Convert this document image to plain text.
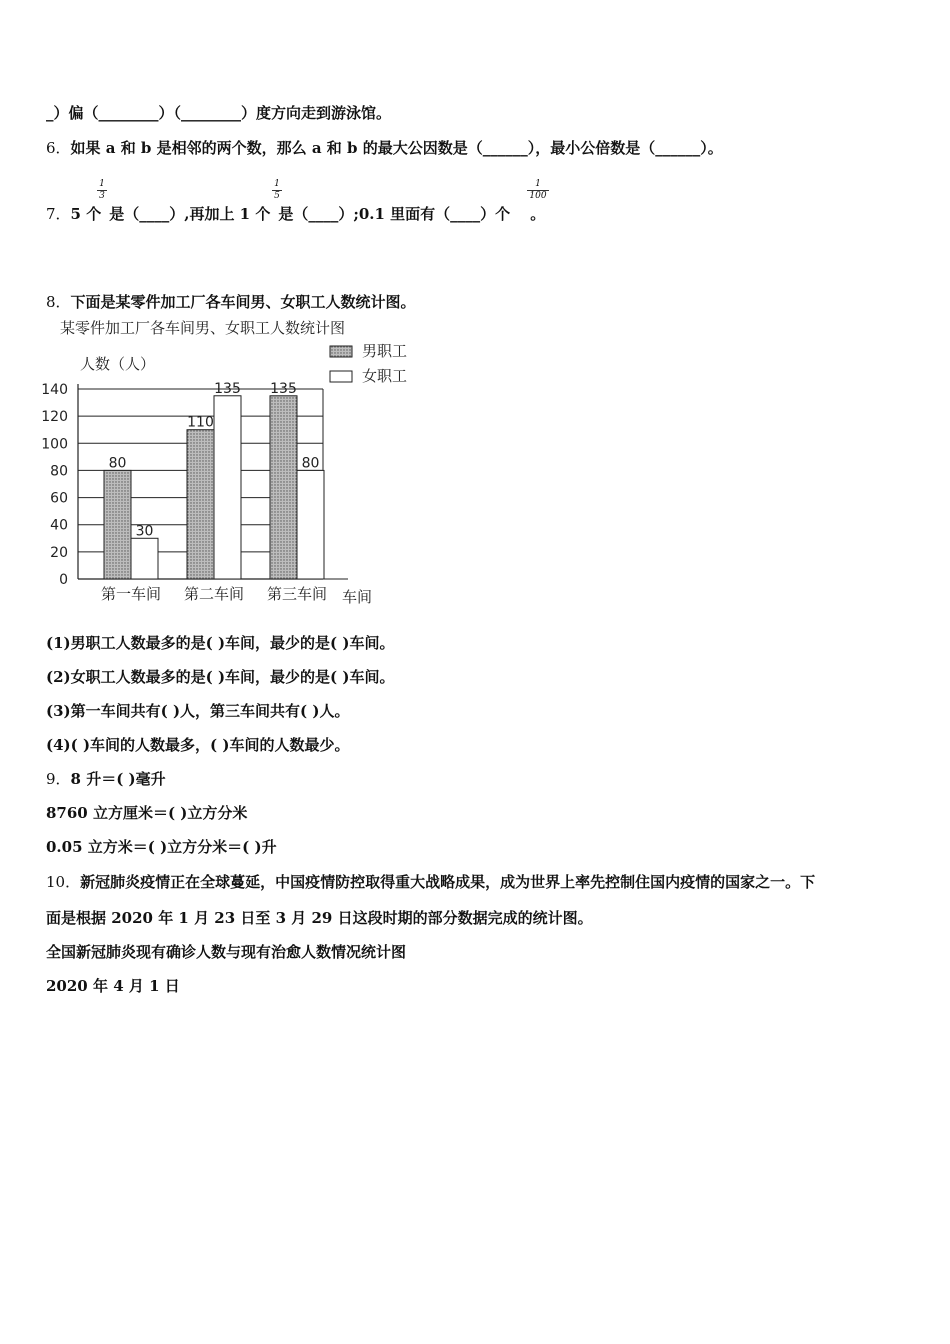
_）偏（________）（________）度方向走到游泳馆。
6．如果 a 和 b 是相邻的两个数，那么 a 和 b 的最大公因数是（______），最小公倍数是（______）。
7．5 个 是（____）,再加上 1 个 是（____）;0.1 里面有（____）个 。
1
3
1
5
1
100
8．下面是某零件加工厂各车间男、女职工人数统计图。
某零件加工厂各车间男、女职工人数统计图
人数（人）
车间
0
20
40
60
80
100
120
140
80
30
第一车间
110
135
第二车间
135
80
第三车间
男职工
女职工
(1)男职工人数最多的是( )车间，最少的是( )车间。
(2)女职工人数最多的是( )车间，最少的是( )车间。
(3)第一车间共有( )人，第三车间共有( )人。
(4)( )车间的人数最多，( )车间的人数最少。
9．8 升＝( )毫升
8760 立方厘米＝( )立方分米
0.05 立方米＝( )立方分米＝( )升
10．新冠肺炎疫情正在全球蔓延，中国疫情防控取得重大战略成果，成为世界上率先控制住国内疫情的国家之一。下
面是根据 2020 年 1 月 23 日至 3 月 29 日这段时期的部分数据完成的统计图。
全国新冠肺炎现有确诊人数与现有治愈人数情况统计图
2020 年 4 月 1 日
